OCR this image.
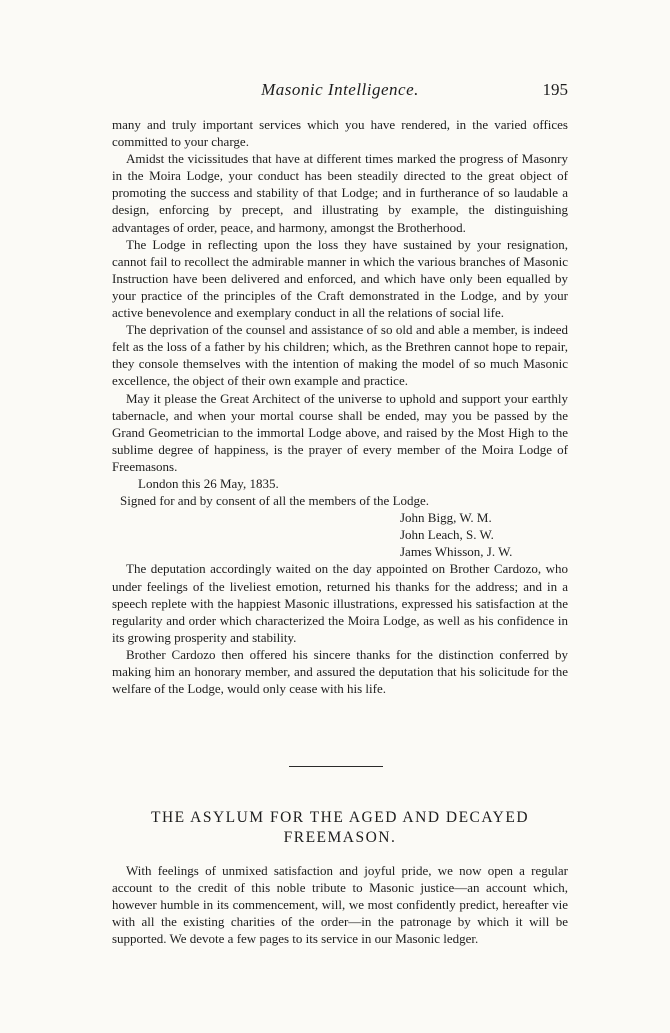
Masonic Intelligence.	195

many and truly important services which you have rendered, in the varied offices committed to your charge.

Amidst the vicissitudes that have at different times marked the progress of Masonry in the Moira Lodge, your conduct has been steadily directed to the great object of promoting the success and stability of that Lodge; and in furtherance of so laudable a design, enforcing by precept, and illustrating by example, the distinguishing advantages of order, peace, and harmony, amongst the Brotherhood.

The Lodge in reflecting upon the loss they have sustained by your resignation, cannot fail to recollect the admirable manner in which the various branches of Masonic Instruction have been delivered and enforced, and which have only been equalled by your practice of the principles of the Craft demonstrated in the Lodge, and by your active benevolence and exemplary conduct in all the relations of social life.

The deprivation of the counsel and assistance of so old and able a member, is indeed felt as the loss of a father by his children; which, as the Brethren cannot hope to repair, they console themselves with the intention of making the model of so much Masonic excellence, the object of their own example and practice.

May it please the Great Architect of the universe to uphold and support your earthly tabernacle, and when your mortal course shall be ended, may you be passed by the Grand Geometrician to the immortal Lodge above, and raised by the Most High to the sublime degree of happiness, is the prayer of every member of the Moira Lodge of Freemasons.

London this 26 May, 1835.

Signed for and by consent of all the members of the Lodge.

John Bigg, W. M.
John Leach, S. W.
James Whisson, J. W.

The deputation accordingly waited on the day appointed on Brother Cardozo, who under feelings of the liveliest emotion, returned his thanks for the address; and in a speech replete with the happiest Masonic illustrations, expressed his satisfaction at the regularity and order which characterized the Moira Lodge, as well as his confidence in its growing prosperity and stability.

Brother Cardozo then offered his sincere thanks for the distinction conferred by making him an honorary member, and assured the deputation that his solicitude for the welfare of the Lodge, would only cease with his life.

THE ASYLUM FOR THE AGED AND DECAYED
FREEMASON.

With feelings of unmixed satisfaction and joyful pride, we now open a regular account to the credit of this noble tribute to Masonic justice—an account which, however humble in its commencement, will, we most confidently predict, hereafter vie with all the existing charities of the order—in the patronage by which it will be supported. We devote a few pages to its service in our Masonic ledger.
